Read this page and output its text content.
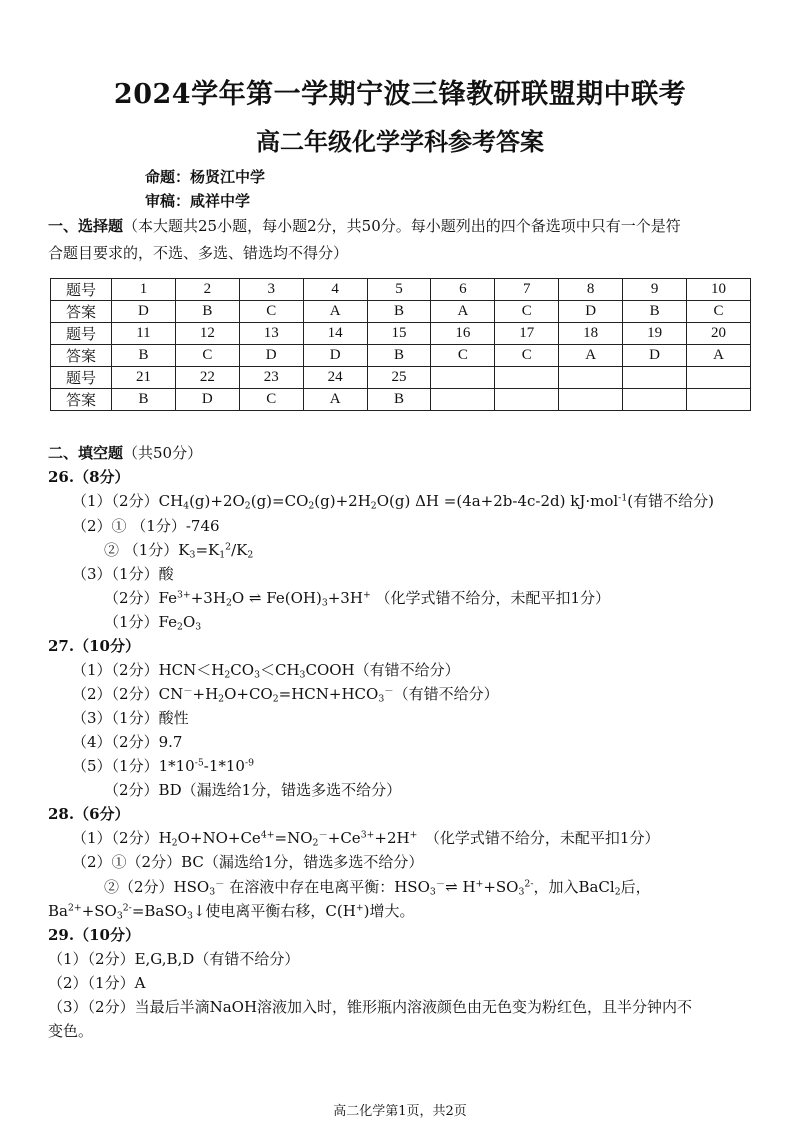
2024学年第一学期宁波三锋教研联盟期中联考
高二年级化学学科参考答案
命题：杨贤江中学
审稿：咸祥中学
一、选择题（本大题共25小题，每小题2分，共50分。每小题列出的四个备选项中只有一个是符
合题目要求的，不选、多选、错选均不得分）
题号	1	2	3	4	5	6	7	8	9	10
答案	D	B	C	A	B	A	C	D	B	C
题号	11	12	13	14	15	16	17	18	19	20
答案	B	C	D	D	B	C	C	A	D	A
题号	21	22	23	24	25					
答案	B	D	C	A	B					
二、填空题（共50分）
26.（8分）
（1）（2分）$CH_4(g)+2O_2(g)=CO_2(g)+2H_2O(g)$ ΔH =(4a+2b-4c-2d) kJ·mol$^{-1}$(有错不给分)
（2）① （1分）-746
② （1分）$K_3=K_1^2/K_2$
（3）（1分）酸
（2分）$Fe^{3+}+3H_2O$ ⇌ $Fe(OH)_3+3H^+$ （化学式错不给分，未配平扣1分）
（1分）$Fe_2O_3$
27.（10分）
（1）（2分）$HCN<H_2CO_3<CH_3COOH$（有错不给分）
（2）（2分）$CN^-+H_2O+CO_2=HCN+HCO_3^-$（有错不给分）
（3）（1分）酸性
（4）（2分）9.7
（5）（1分）$1*10^{-5}-1*10^{-9}$
（2分）BD（漏选给1分，错选多选不给分）
28.（6分）
（1）（2分）$H_2O+NO+Ce^{4+}=NO_2^-+Ce^{3+}+2H^+$　（化学式错不给分，未配平扣1分）
（2）①（2分）BC（漏选给1分，错选多选不给分）
②（2分）$HSO_3^-$ 在溶液中存在电离平衡：$HSO_3^-\rightleftharpoons$ $H^++SO_3^{2-}$，加入BaCl$_2$后，
$Ba^{2+}+SO_3^{2-}=BaSO_3↓$使电离平衡右移，C(H+)增大。
29.（10分）
（1）（2分）E,G,B,D（有错不给分）
（2）（1分）A
（3）（2分）当最后半滴NaOH溶液加入时，锥形瓶内溶液颜色由无色变为粉红色，且半分钟内不
变色。
高二化学第1页，共2页
